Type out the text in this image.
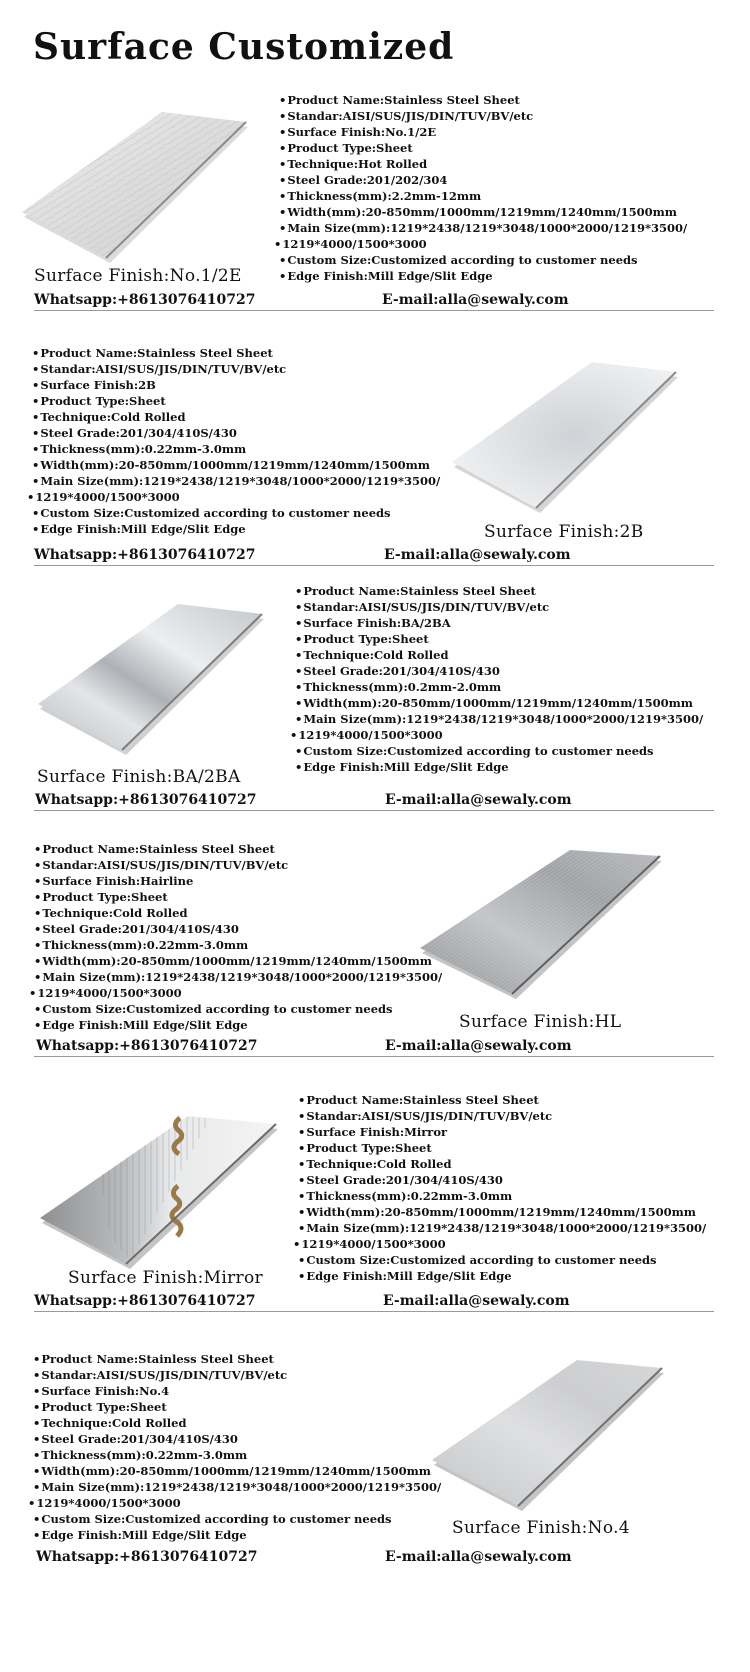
Surface Customized
• Product Name:Stainless Steel Sheet
• Standar:AISI/SUS/JIS/DIN/TUV/BV/etc
• Surface Finish:No.1/2E
• Product Type:Sheet
• Technique:Hot Rolled
• Steel Grade:201/202/304
• Thickness(mm):2.2mm-12mm
• Width(mm):20-850mm/1000mm/1219mm/1240mm/1500mm
• Main Size(mm):1219*2438/1219*3048/1000*2000/1219*3500/
• 1219*4000/1500*3000
• Custom Size:Customized according to customer needs
• Edge Finish:Mill Edge/Slit Edge
Surface Finish:No.1/2E
Whatsapp:+8613076410727	E-mail:alla@sewaly.com
• Product Name:Stainless Steel Sheet
• Standar:AISI/SUS/JIS/DIN/TUV/BV/etc
• Surface Finish:2B
• Product Type:Sheet
• Technique:Cold Rolled
• Steel Grade:201/304/410S/430
• Thickness(mm):0.22mm-3.0mm
• Width(mm):20-850mm/1000mm/1219mm/1240mm/1500mm
• Main Size(mm):1219*2438/1219*3048/1000*2000/1219*3500/
• 1219*4000/1500*3000
• Custom Size:Customized according to customer needs
• Edge Finish:Mill Edge/Slit Edge	Surface Finish:2B
Whatsapp:+8613076410727	E-mail:alla@sewaly.com
• Product Name:Stainless Steel Sheet
• Standar:AISI/SUS/JIS/DIN/TUV/BV/etc
• Surface Finish:BA/2BA
• Product Type:Sheet
• Technique:Cold Rolled
• Steel Grade:201/304/410S/430
• Thickness(mm):0.2mm-2.0mm
• Width(mm):20-850mm/1000mm/1219mm/1240mm/1500mm
• Main Size(mm):1219*2438/1219*3048/1000*2000/1219*3500/
• 1219*4000/1500*3000
• Custom Size:Customized according to customer needs
• Edge Finish:Mill Edge/Slit Edge
Surface Finish:BA/2BA
Whatsapp:+8613076410727	E-mail:alla@sewaly.com
• Product Name:Stainless Steel Sheet
• Standar:AISI/SUS/JIS/DIN/TUV/BV/etc
• Surface Finish:Hairline
• Product Type:Sheet
• Technique:Cold Rolled
• Steel Grade:201/304/410S/430
• Thickness(mm):0.22mm-3.0mm
• Width(mm):20-850mm/1000mm/1219mm/1240mm/1500mm
• Main Size(mm):1219*2438/1219*3048/1000*2000/1219*3500/
• 1219*4000/1500*3000
• Custom Size:Customized according to customer needs
• Edge Finish:Mill Edge/Slit Edge	Surface Finish:HL
Whatsapp:+8613076410727	E-mail:alla@sewaly.com
• Product Name:Stainless Steel Sheet
• Standar:AISI/SUS/JIS/DIN/TUV/BV/etc
• Surface Finish:Mirror
• Product Type:Sheet
• Technique:Cold Rolled
• Steel Grade:201/304/410S/430
• Thickness(mm):0.22mm-3.0mm
• Width(mm):20-850mm/1000mm/1219mm/1240mm/1500mm
• Main Size(mm):1219*2438/1219*3048/1000*2000/1219*3500/
• 1219*4000/1500*3000
• Custom Size:Customized according to customer needs
• Edge Finish:Mill Edge/Slit Edge
Surface Finish:Mirror
Whatsapp:+8613076410727	E-mail:alla@sewaly.com
• Product Name:Stainless Steel Sheet
• Standar:AISI/SUS/JIS/DIN/TUV/BV/etc
• Surface Finish:No.4
• Product Type:Sheet
• Technique:Cold Rolled
• Steel Grade:201/304/410S/430
• Thickness(mm):0.22mm-3.0mm
• Width(mm):20-850mm/1000mm/1219mm/1240mm/1500mm
• Main Size(mm):1219*2438/1219*3048/1000*2000/1219*3500/
• 1219*4000/1500*3000
• Custom Size:Customized according to customer needs
• Edge Finish:Mill Edge/Slit Edge	Surface Finish:No.4
Whatsapp:+8613076410727	E-mail:alla@sewaly.com
